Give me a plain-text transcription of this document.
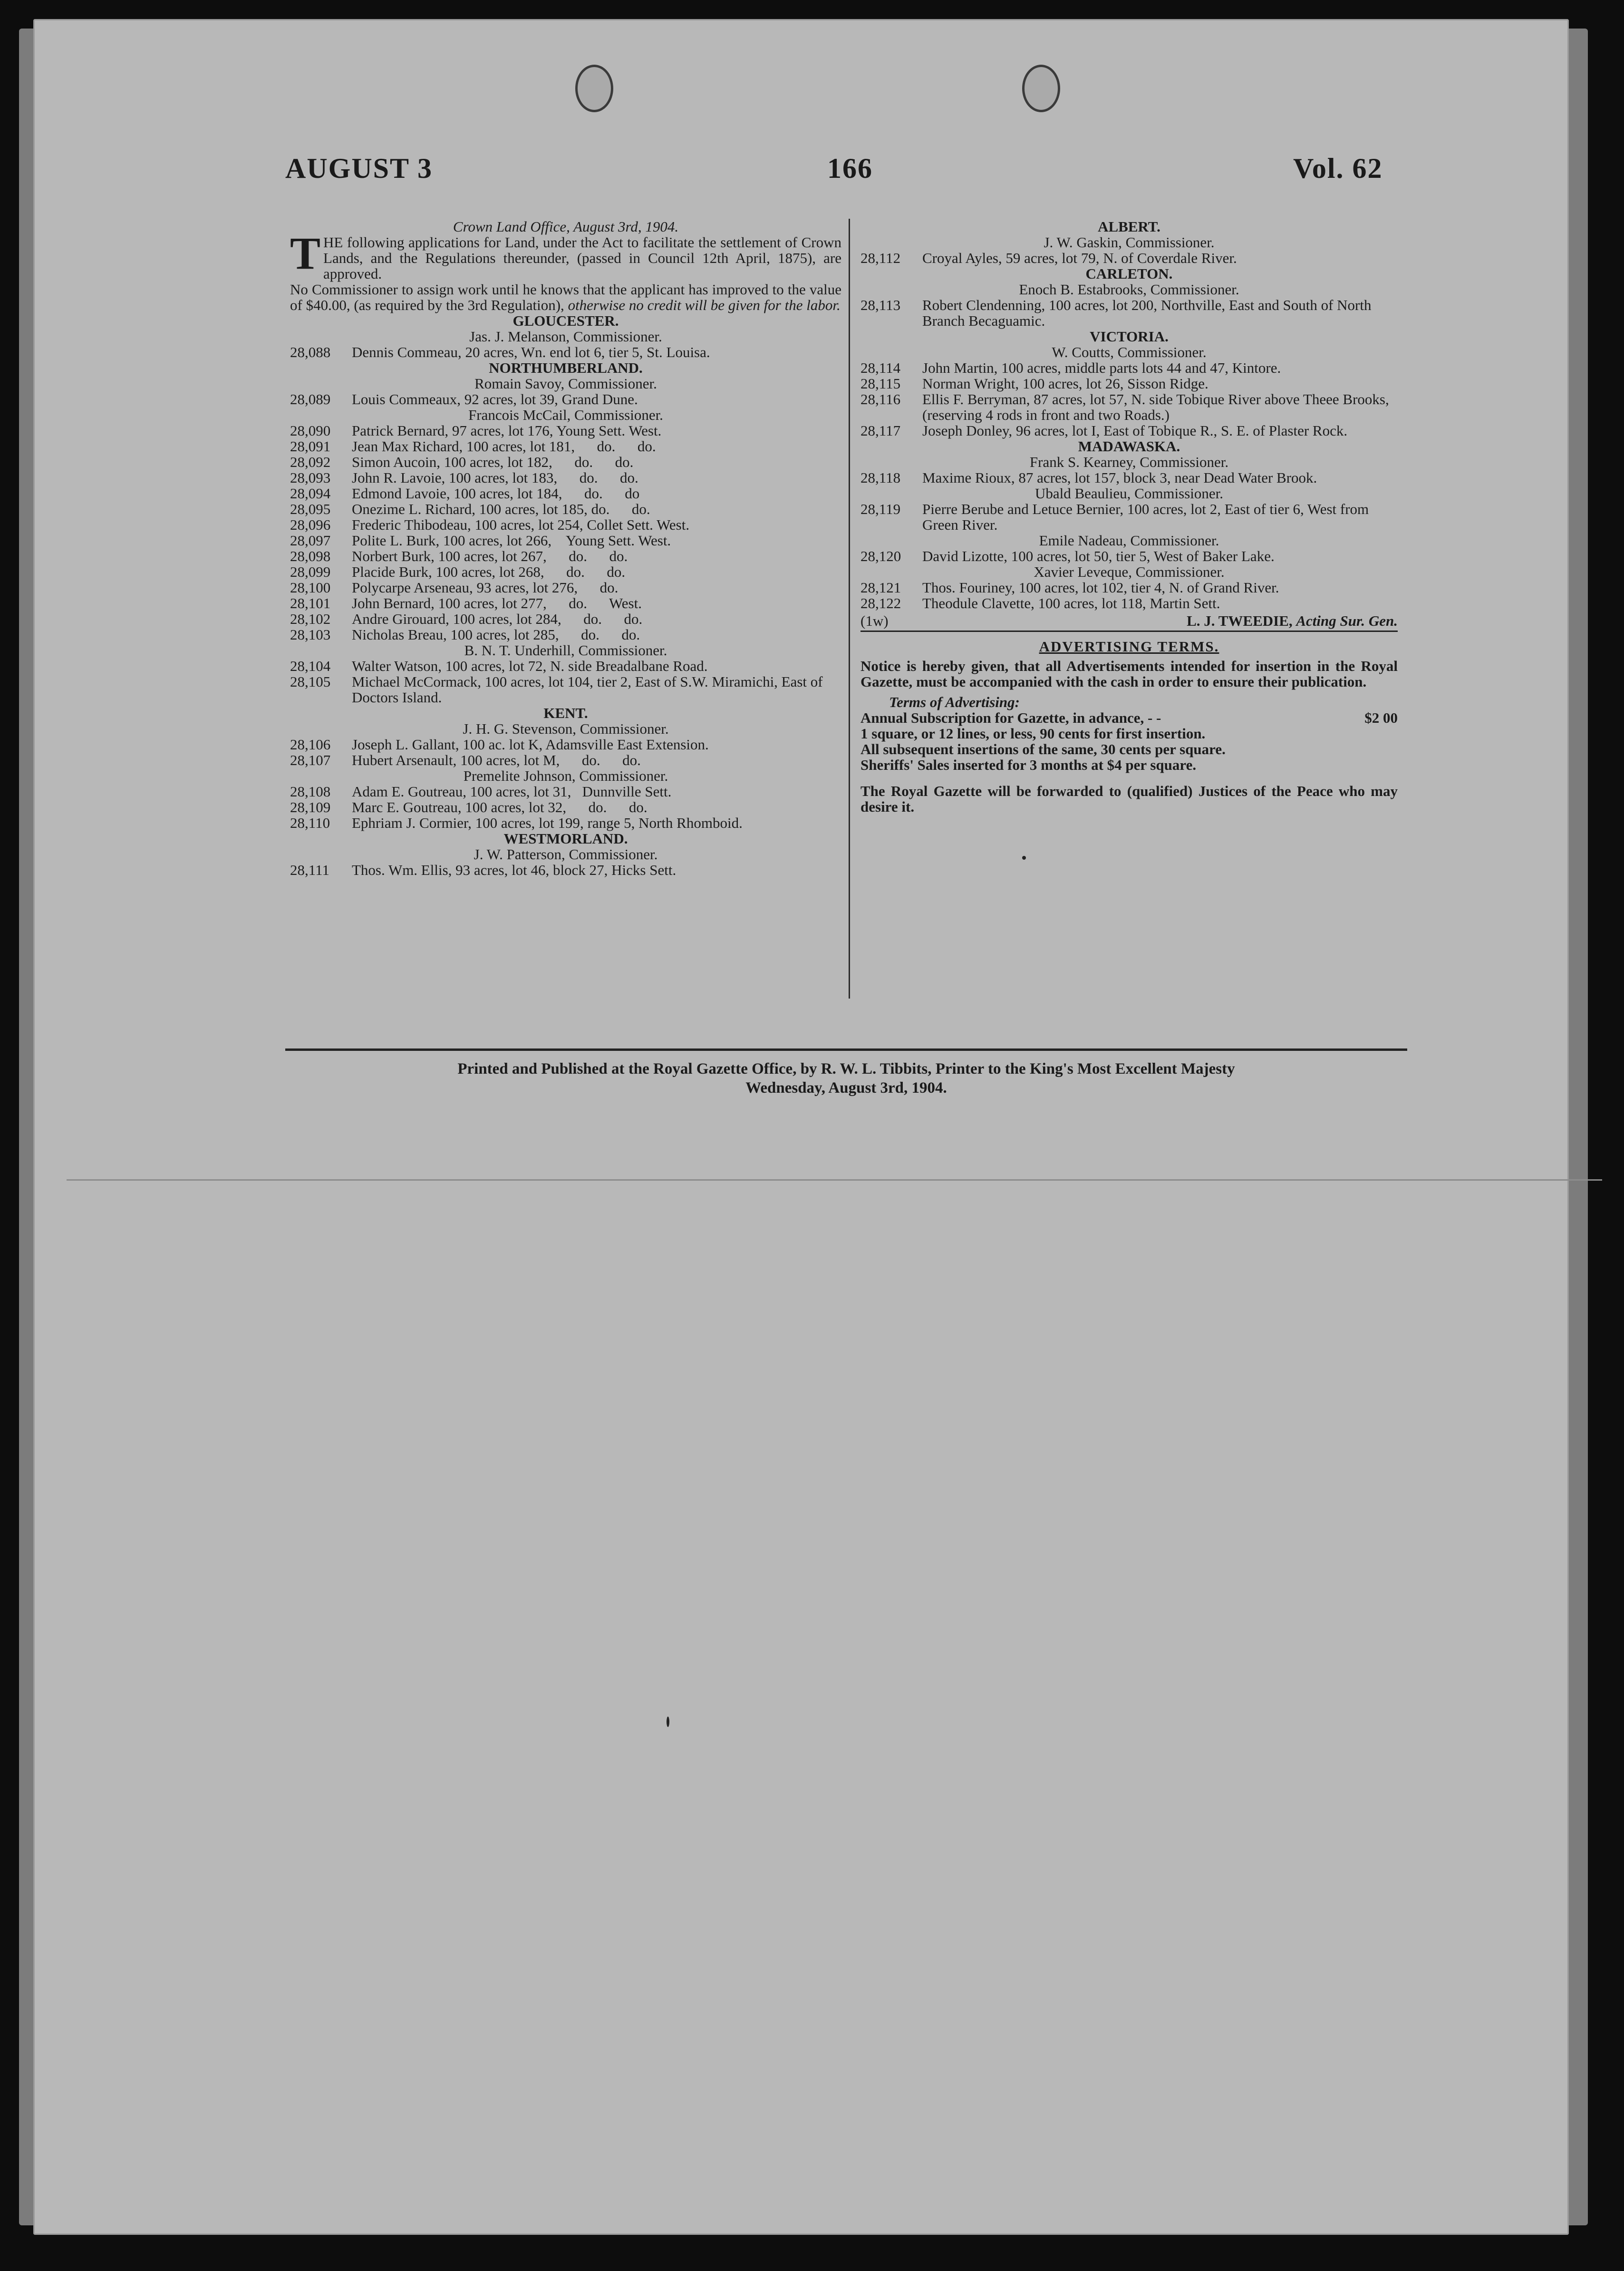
AUGUST 3	166	Vol. 62
Crown Land Office, August 3rd, 1904.
T HE following applications for Land, under the Act to facilitate the settlement of Crown Lands, and the Regulations thereunder, (passed in Council 12th April, 1875), are approved.
No Commissioner to assign work until he knows that the applicant has improved to the value of $40.00, (as required by the 3rd Regulation), otherwise no credit will be given for the labor.
GLOUCESTER.
Jas. J. Melanson, Commissioner.
28,088	Dennis Commeau, 20 acres, Wn. end lot 6, tier 5, St. Louisa.
NORTHUMBERLAND.
Romain Savoy, Commissioner.
28,089	Louis Commeaux, 92 acres, lot 39, Grand Dune.
Francois McCail, Commissioner.
28,090	Patrick Bernard, 97 acres, lot 176, Young Sett. West.
28,091	Jean Max Richard, 100 acres, lot 181,      do.      do.
28,092	Simon Aucoin, 100 acres, lot 182,      do.      do.
28,093	John R. Lavoie, 100 acres, lot 183,      do.      do.
28,094	Edmond Lavoie, 100 acres, lot 184,      do.      do
28,095	Onezime L. Richard, 100 acres, lot 185, do.      do.
28,096	Frederic Thibodeau, 100 acres, lot 254, Collet Sett. West.
28,097	Polite L. Burk, 100 acres, lot 266,    Young Sett. West.
28,098	Norbert Burk, 100 acres, lot 267,      do.      do.
28,099	Placide Burk, 100 acres, lot 268,      do.      do.
28,100	Polycarpe Arseneau, 93 acres, lot 276,      do.
28,101	John Bernard, 100 acres, lot 277,      do.      West.
28,102	Andre Girouard, 100 acres, lot 284,      do.      do.
28,103	Nicholas Breau, 100 acres, lot 285,      do.      do.
B. N. T. Underhill, Commissioner.
28,104	Walter Watson, 100 acres, lot 72, N. side Breadalbane Road.
28,105	Michael McCormack, 100 acres, lot 104, tier 2, East of S.W. Miramichi, East of Doctors Island.
KENT.
J. H. G. Stevenson, Commissioner.
28,106	Joseph L. Gallant, 100 ac. lot K, Adamsville East Extension.
28,107	Hubert Arsenault, 100 acres, lot M,      do.      do.
Premelite Johnson, Commissioner.
28,108	Adam E. Goutreau, 100 acres, lot 31,   Dunnville Sett.
28,109	Marc E. Goutreau, 100 acres, lot 32,      do.      do.
28,110	Ephriam J. Cormier, 100 acres, lot 199, range 5, North Rhomboid.
WESTMORLAND.
J. W. Patterson, Commissioner.
28,111	Thos. Wm. Ellis, 93 acres, lot 46, block 27, Hicks Sett.
ALBERT.
J. W. Gaskin, Commissioner.
28,112	Croyal Ayles, 59 acres, lot 79, N. of Coverdale River.
CARLETON.
Enoch B. Estabrooks, Commissioner.
28,113	Robert Clendenning, 100 acres, lot 200, Northville, East and South of North Branch Becaguamic.
VICTORIA.
W. Coutts, Commissioner.
28,114	John Martin, 100 acres, middle parts lots 44 and 47, Kintore.
28,115	Norman Wright, 100 acres, lot 26, Sisson Ridge.
28,116	Ellis F. Berryman, 87 acres, lot 57, N. side Tobique River above Theee Brooks, (reserving 4 rods in front and two Roads.)
28,117	Joseph Donley, 96 acres, lot I, East of Tobique R., S. E. of Plaster Rock.
MADAWASKA.
Frank S. Kearney, Commissioner.
28,118	Maxime Rioux, 87 acres, lot 157, block 3, near Dead Water Brook.
Ubald Beaulieu, Commissioner.
28,119	Pierre Berube and Letuce Bernier, 100 acres, lot 2, East of tier 6, West from Green River.
Emile Nadeau, Commissioner.
28,120	David Lizotte, 100 acres, lot 50, tier 5, West of Baker Lake.
Xavier Leveque, Commissioner.
28,121	Thos. Fouriney, 100 acres, lot 102, tier 4, N. of Grand River.
28,122	Theodule Clavette, 100 acres, lot 118, Martin Sett.
(1w)	L. J. TWEEDIE, Acting Sur. Gen.
ADVERTISING TERMS.
Notice is hereby given, that all Advertisements intended for insertion in the Royal Gazette, must be accompanied with the cash in order to ensure their publication.
Terms of Advertising:
Annual Subscription for Gazette, in advance, - -	$2 00
1 square, or 12 lines, or less, 90 cents for first insertion.
All subsequent insertions of the same, 30 cents per square.
Sheriffs' Sales inserted for 3 months at $4 per square.
The Royal Gazette will be forwarded to (qualified) Justices of the Peace who may desire it.
Printed and Published at the Royal Gazette Office, by R. W. L. Tibbits, Printer to the King's Most Excellent Majesty
Wednesday, August 3rd, 1904.
